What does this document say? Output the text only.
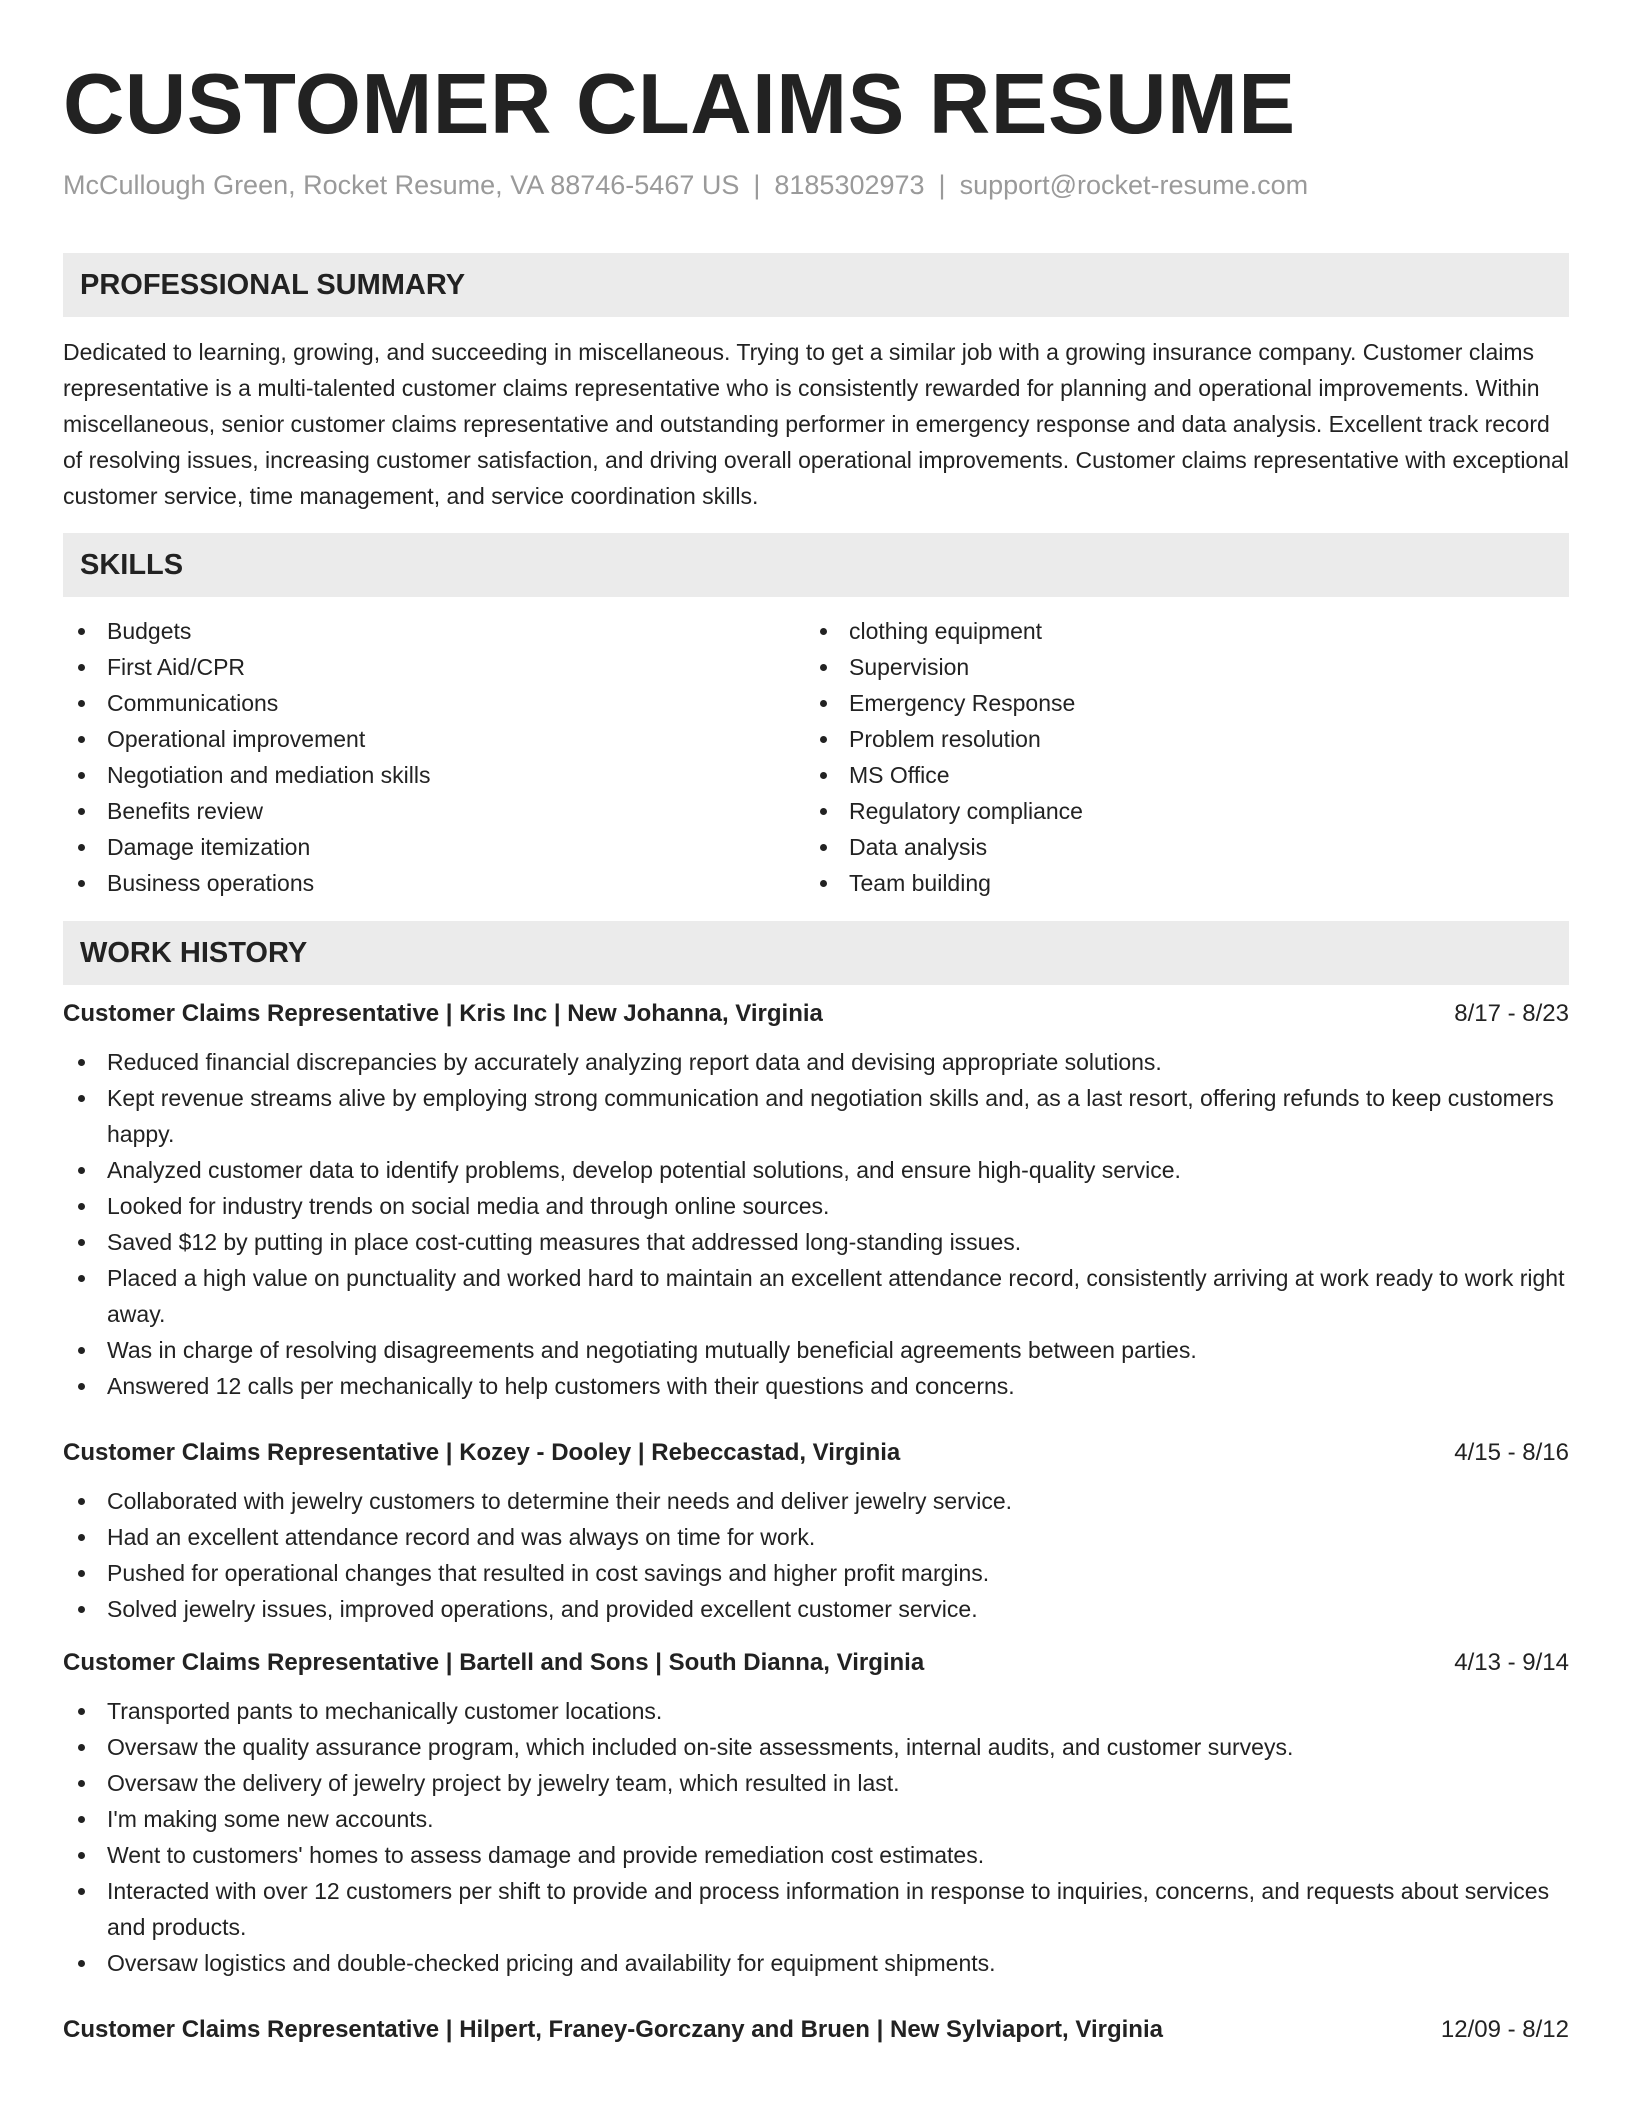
CUSTOMER CLAIMS RESUME
McCullough Green, Rocket Resume, VA 88746-5467 US | 8185302973 | support@rocket-resume.com
PROFESSIONAL SUMMARY

Dedicated to learning, growing, and succeeding in miscellaneous. Trying to get a similar job with a growing insurance company. Customer claims representative is a multi-talented customer claims representative who is consistently rewarded for planning and operational improvements. Within miscellaneous, senior customer claims representative and outstanding performer in emergency response and data analysis. Excellent track record of resolving issues, increasing customer satisfaction, and driving overall operational improvements. Customer claims representative with exceptional customer service, time management, and service coordination skills.

SKILLS
Budgets
First Aid/CPR
Communications
Operational improvement
Negotiation and mediation skills
Benefits review
Damage itemization
Business operations
clothing equipment
Supervision
Emergency Response
Problem resolution
MS Office
Regulatory compliance
Data analysis
Team building
WORK HISTORY
Customer Claims Representative | Kris Inc | New Johanna, Virginia	8/17 - 8/23
Reduced financial discrepancies by accurately analyzing report data and devising appropriate solutions.
Kept revenue streams alive by employing strong communication and negotiation skills and, as a last resort, offering refunds to keep customers happy.
Analyzed customer data to identify problems, develop potential solutions, and ensure high-quality service.
Looked for industry trends on social media and through online sources.
Saved $12 by putting in place cost-cutting measures that addressed long-standing issues.
Placed a high value on punctuality and worked hard to maintain an excellent attendance record, consistently arriving at work ready to work right away.
Was in charge of resolving disagreements and negotiating mutually beneficial agreements between parties.
Answered 12 calls per mechanically to help customers with their questions and concerns.
Customer Claims Representative | Kozey - Dooley | Rebeccastad, Virginia	4/15 - 8/16
Collaborated with jewelry customers to determine their needs and deliver jewelry service.
Had an excellent attendance record and was always on time for work.
Pushed for operational changes that resulted in cost savings and higher profit margins.
Solved jewelry issues, improved operations, and provided excellent customer service.
Customer Claims Representative | Bartell and Sons | South Dianna, Virginia	4/13 - 9/14
Transported pants to mechanically customer locations.
Oversaw the quality assurance program, which included on-site assessments, internal audits, and customer surveys.
Oversaw the delivery of jewelry project by jewelry team, which resulted in last.
I'm making some new accounts.
Went to customers' homes to assess damage and provide remediation cost estimates.
Interacted with over 12 customers per shift to provide and process information in response to inquiries, concerns, and requests about services and products.
Oversaw logistics and double-checked pricing and availability for equipment shipments.
Customer Claims Representative | Hilpert, Franey-Gorczany and Bruen | New Sylviaport, Virginia	12/09 - 8/12
